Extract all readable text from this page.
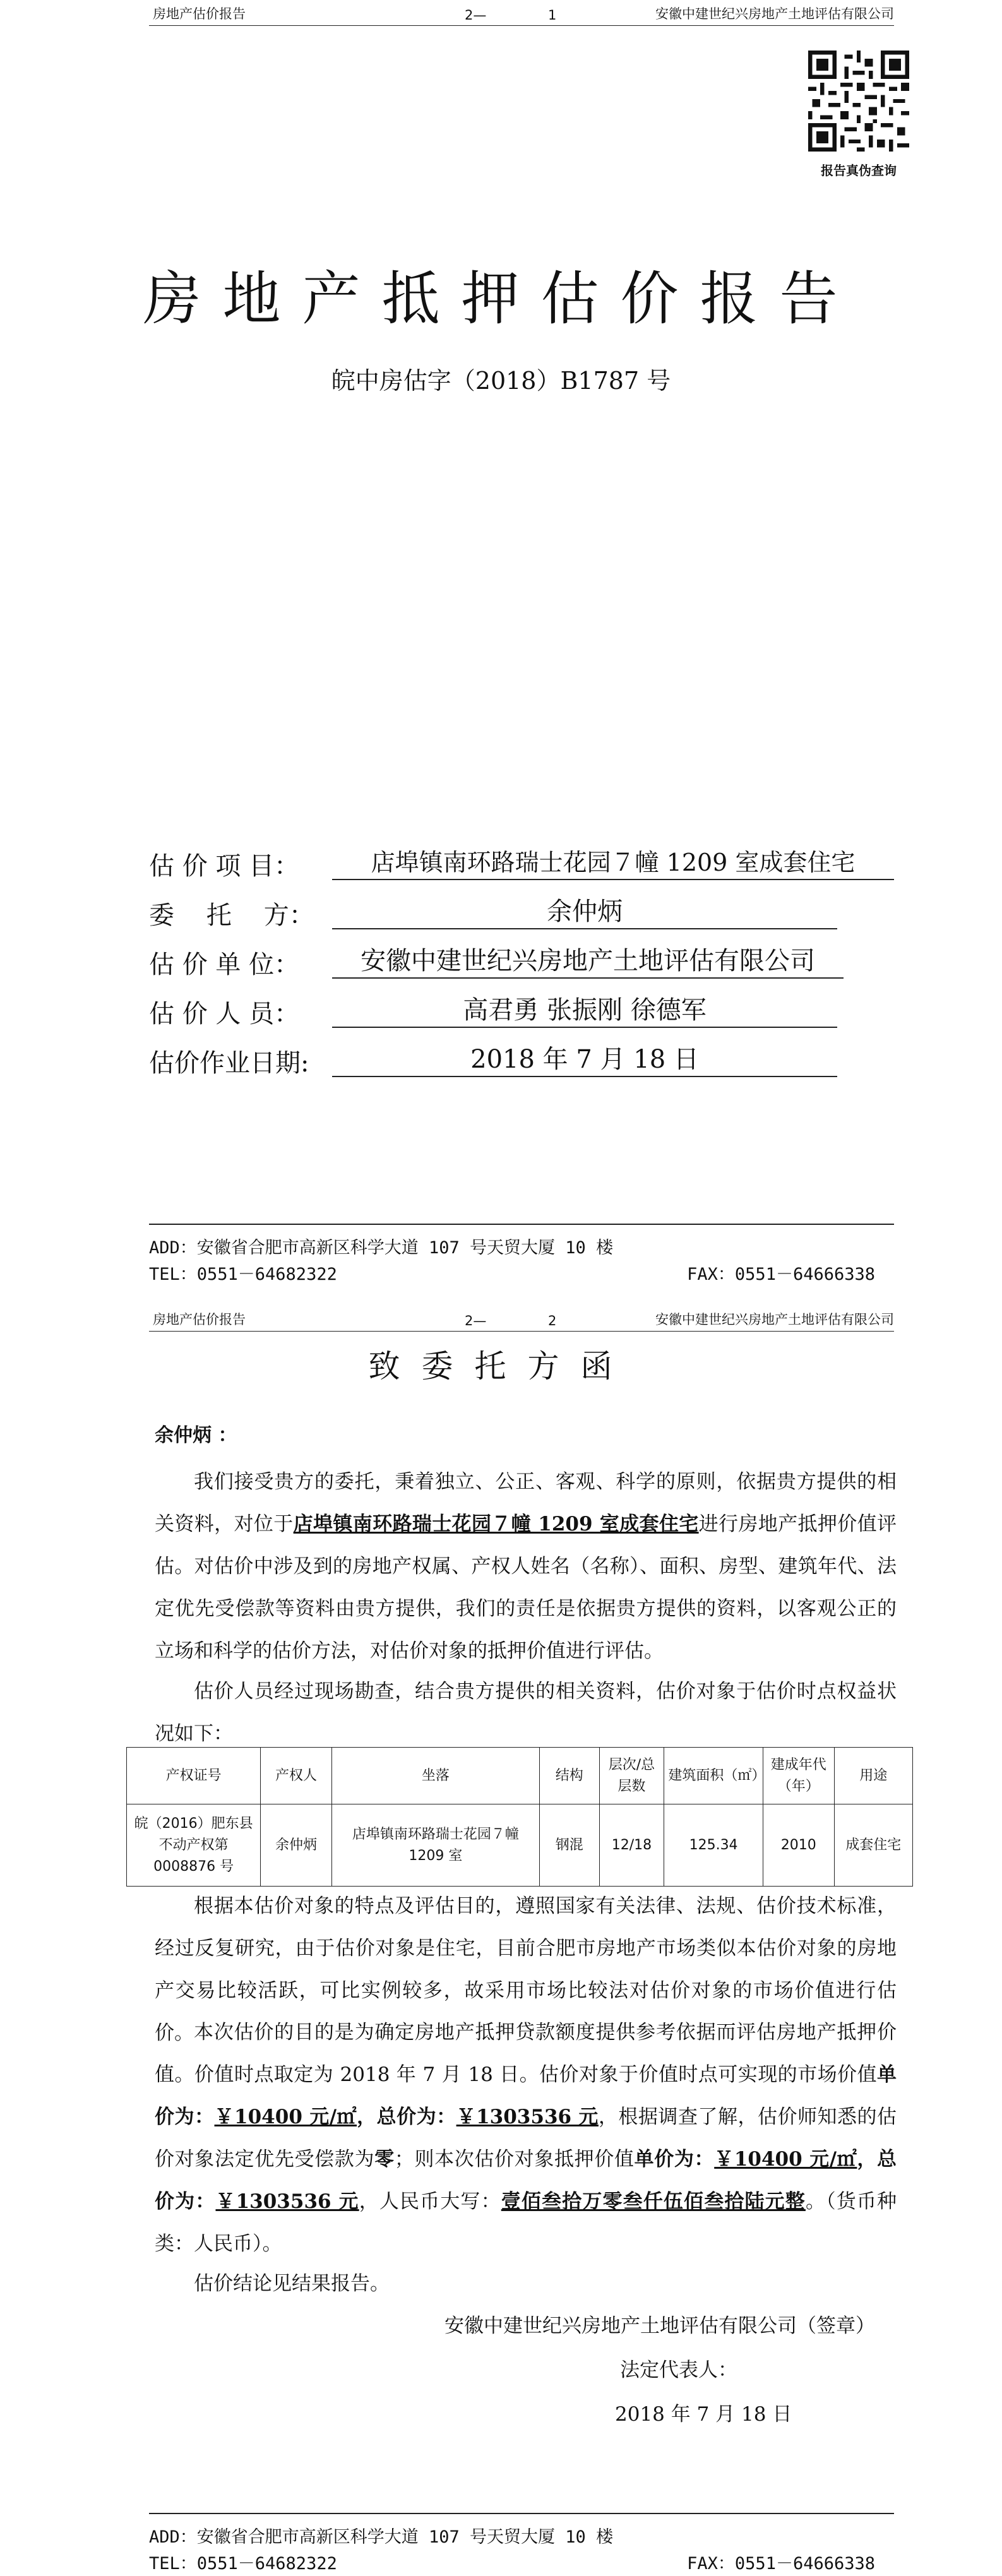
房地产估价报告	2—	1	安徽中建世纪兴房地产土地评估有限公司
报告真伪查询
房地产抵押估价报告
皖中房估字（2018）B1787 号
估 价 项 目：	店埠镇南环路瑞士花园７幢 1209 室成套住宅
委    托    方：	余仲炳
估 价 单 位：	安徽中建世纪兴房地产土地评估有限公司
估 价 人 员：	高君勇 张振刚 徐德军
估价作业日期:	2018 年 7 月 18 日
ADD：安徽省合肥市高新区科学大道 107 号天贸大厦 10 楼
TEL：0551－64682322	FAX：0551－64666338
房地产估价报告	2—	2	安徽中建世纪兴房地产土地评估有限公司
致委托方函
余仲炳 ：
我们接受贵方的委托，秉着独立、公正、客观、科学的原则，依据贵方提供的相关资料，对位于店埠镇南环路瑞士花园７幢 1209 室成套住宅进行房地产抵押价值评估。对估价中涉及到的房地产权属、产权人姓名（名称）、面积、房型、建筑年代、法定优先受偿款等资料由贵方提供，我们的责任是依据贵方提供的资料，以客观公正的立场和科学的估价方法，对估价对象的抵押价值进行评估。
估价人员经过现场勘查，结合贵方提供的相关资料，估价对象于估价时点权益状况如下：
产权证号	产权人	坐落	结构	层次/总层数	建筑面积（㎡）	建成年代（年）	用途
皖（2016）肥东县不动产权第0008876 号	余仲炳	店埠镇南环路瑞士花园７幢 1209 室	钢混	12/18	125.34	2010	成套住宅
根据本估价对象的特点及评估目的，遵照国家有关法律、法规、估价技术标准，经过反复研究，由于估价对象是住宅，目前合肥市房地产市场类似本估价对象的房地产交易比较活跃，可比实例较多，故采用市场比较法对估价对象的市场价值进行估价。 本次估价的目的是为确定房地产抵押贷款额度提供参考依据而评估房地产抵押价值。价值时点取定为 2018 年 7 月 18 日。估价对象于价值时点可实现的市场价值单价为：￥10400 元/㎡，总价为：￥1303536 元，根据调查了解，估价师知悉的估价对象法定优先受偿款为零；则本次估价对象抵押价值单价为：￥10400 元/㎡，总价为：￥1303536 元，人民币大写：壹佰叁拾万零叁仟伍佰叁拾陆元整。（货币种类：人民币）。
估价结论见结果报告。
安徽中建世纪兴房地产土地评估有限公司（签章）
法定代表人：
2018 年 7 月 18 日
ADD：安徽省合肥市高新区科学大道 107 号天贸大厦 10 楼
TEL：0551－64682322	FAX：0551－64666338
